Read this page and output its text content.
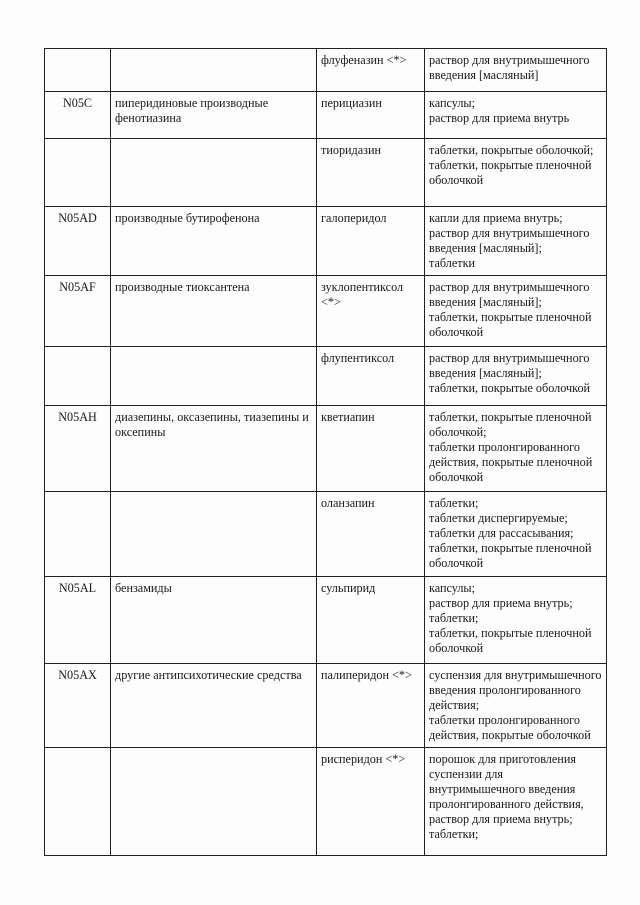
		флуфеназин <*>	раствор для внутримышечного введения [масляный]
N05C	пиперидиновые производные фенотиазина	перициазин	капсулы;
раствор для приема внутрь
		тиоридазин	таблетки, покрытые оболочкой;
таблетки, покрытые пленочной оболочкой
N05AD	производные бутирофенона	галоперидол	капли для приема внутрь;
раствор для внутримышечного введения [масляный];
таблетки
N05AF	производные тиоксантена	зуклопентиксол <*>	раствор для внутримышечного введения [масляный];
таблетки, покрытые пленочной оболочкой
		флупентиксол	раствор для внутримышечного введения [масляный];
таблетки, покрытые оболочкой
N05AH	диазепины, оксазепины, тиазепины и оксепины	кветиапин	таблетки, покрытые пленочной оболочкой;
таблетки пролонгированного действия, покрытые пленочной оболочкой
		оланзапин	таблетки;
таблетки диспергируемые;
таблетки для рассасывания;
таблетки, покрытые пленочной оболочкой
N05AL	бензамиды	сульпирид	капсулы;
раствор для приема внутрь;
таблетки;
таблетки, покрытые пленочной оболочкой
N05AX	другие антипсихотические средства	палиперидон <*>	суспензия для внутримышечного введения пролонгированного действия;
таблетки пролонгированного действия, покрытые оболочкой
		рисперидон <*>	порошок для приготовления суспензии для внутримышечного введения пролонгированного действия,
раствор для приема внутрь;
таблетки;
